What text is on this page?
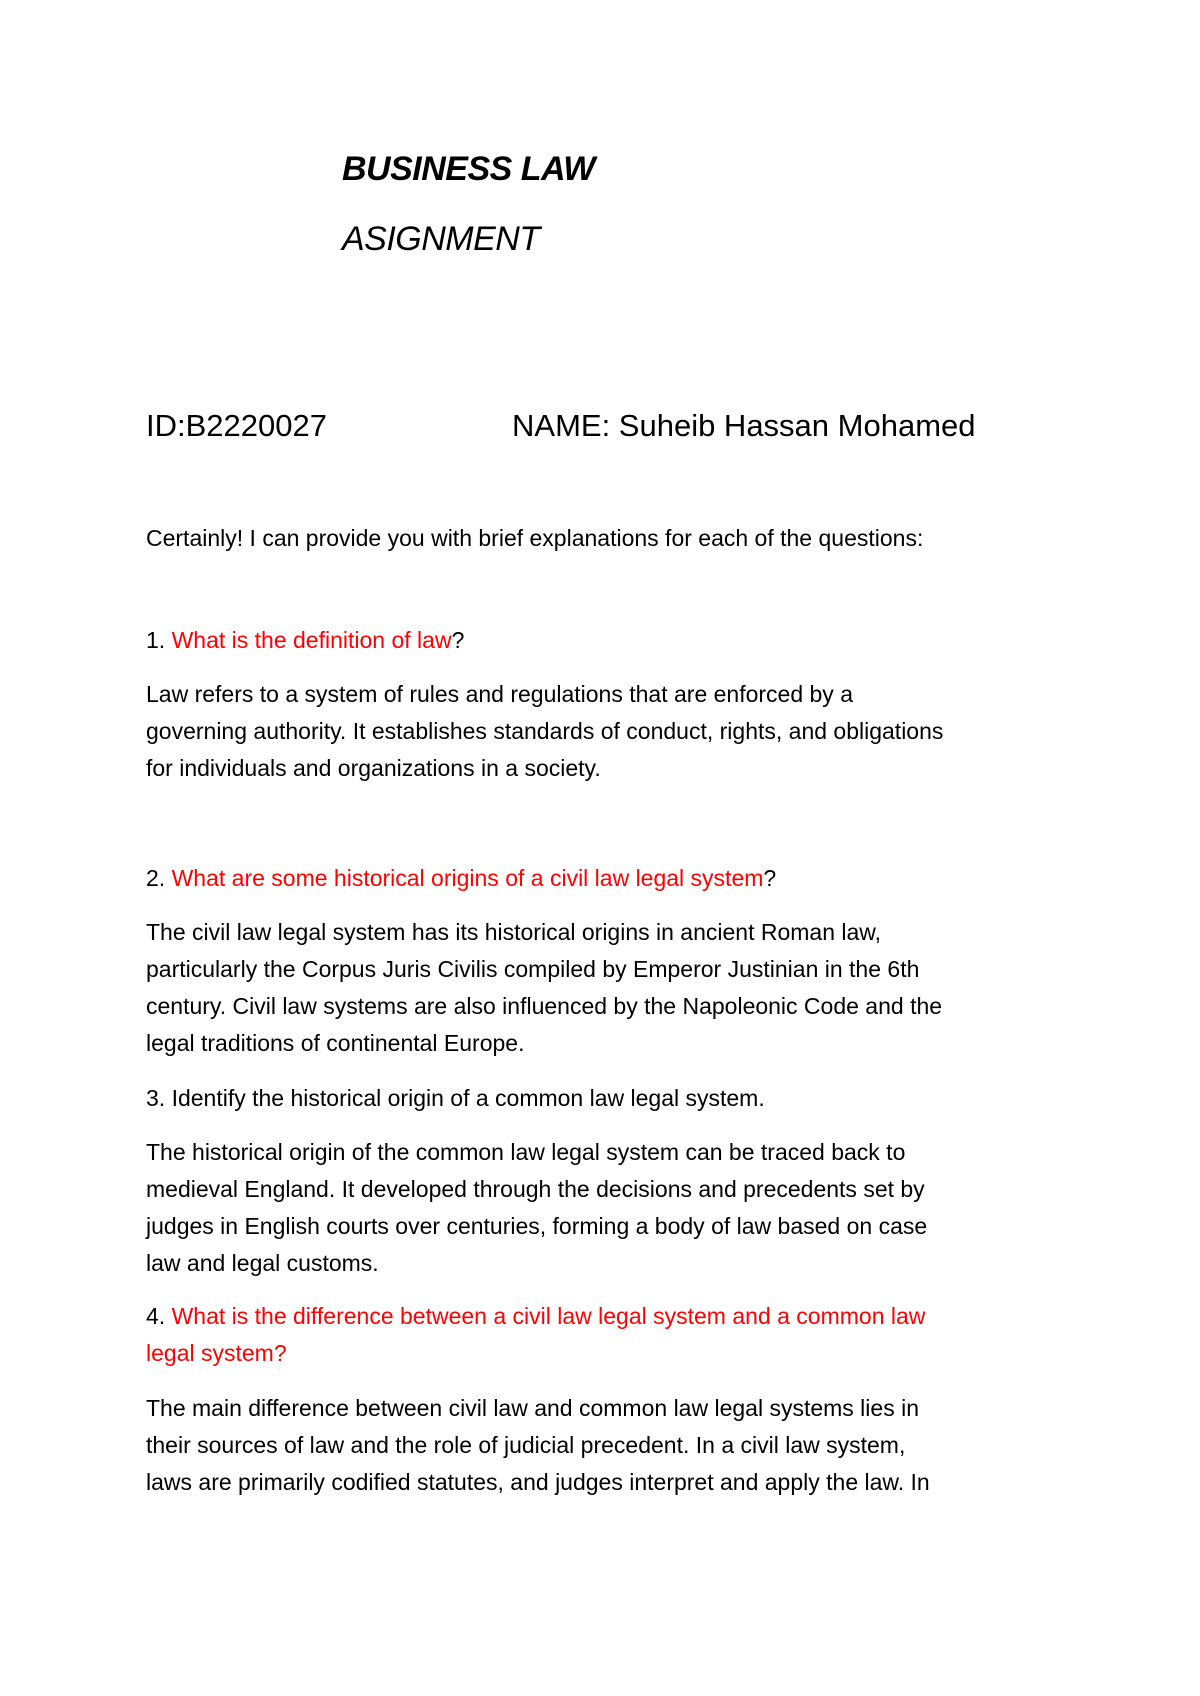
BUSINESS LAW
ASIGNMENT
ID:B2220027	NAME: Suheib Hassan Mohamed
Certainly! I can provide you with brief explanations for each of the questions:
1. What is the definition of law?
Law refers to a system of rules and regulations that are enforced by a
governing authority. It establishes standards of conduct, rights, and obligations
for individuals and organizations in a society.
2. What are some historical origins of a civil law legal system?
The civil law legal system has its historical origins in ancient Roman law,
particularly the Corpus Juris Civilis compiled by Emperor Justinian in the 6th
century. Civil law systems are also influenced by the Napoleonic Code and the
legal traditions of continental Europe.
3. Identify the historical origin of a common law legal system.
The historical origin of the common law legal system can be traced back to
medieval England. It developed through the decisions and precedents set by
judges in English courts over centuries, forming a body of law based on case
law and legal customs.
4. What is the difference between a civil law legal system and a common law
legal system?
The main difference between civil law and common law legal systems lies in
their sources of law and the role of judicial precedent. In a civil law system,
laws are primarily codified statutes, and judges interpret and apply the law. In
